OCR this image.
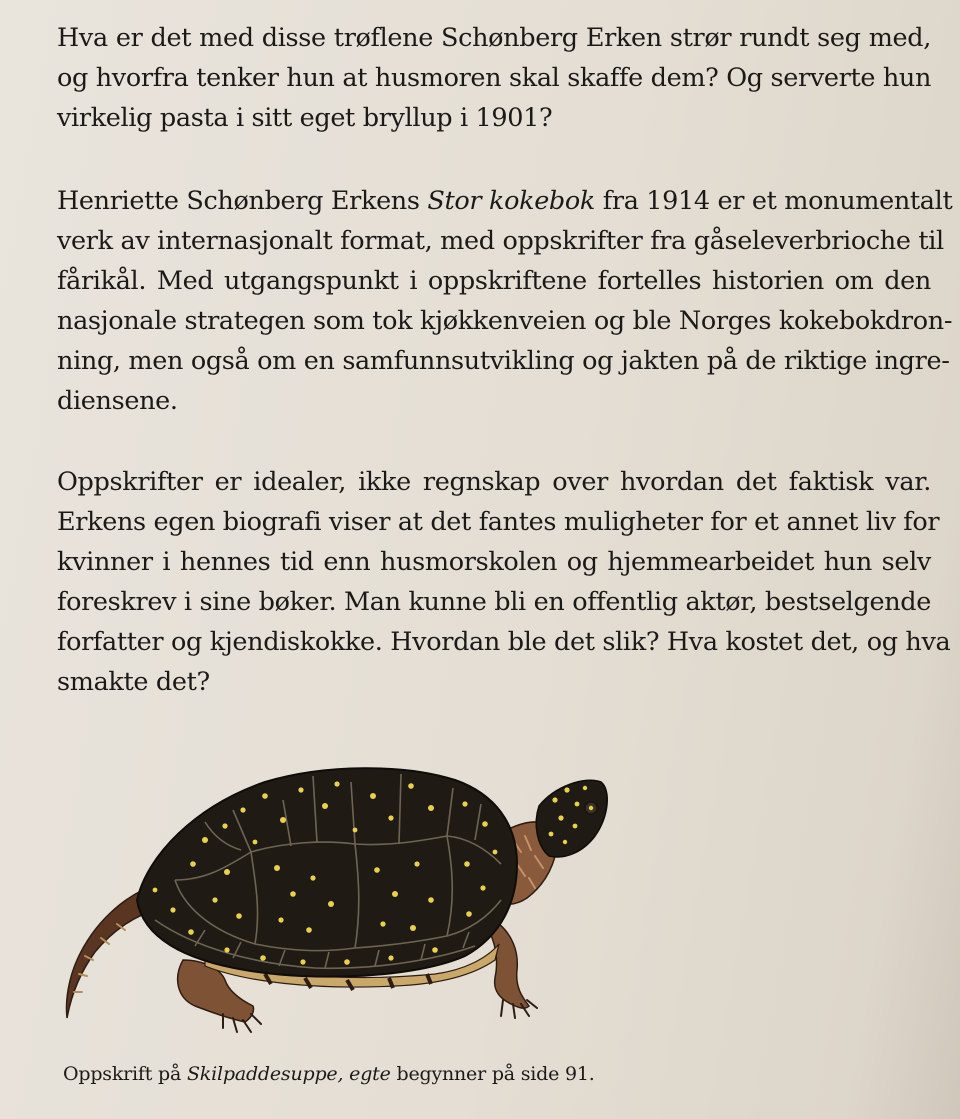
Hva er det med disse trøflene Schønberg Erken strør rundt seg med,
og hvorfra tenker hun at husmoren skal skaffe dem? Og serverte hun
virkelig pasta i sitt eget bryllup i 1901?

Henriette Schønberg Erkens Stor kokebok fra 1914 er et monumentalt
verk av internasjonalt format, med oppskrifter fra gåseleverbrioche til
fårikål. Med utgangspunkt i oppskriftene fortelles historien om den
nasjonale strategen som tok kjøkkenveien og ble Norges kokebokdron-
ning, men også om en samfunnsutvikling og jakten på de riktige ingre-
diensene.

Oppskrifter er idealer, ikke regnskap over hvordan det faktisk var.
Erkens egen biografi viser at det fantes muligheter for et annet liv for
kvinner i hennes tid enn husmorskolen og hjemmearbeidet hun selv
foreskrev i sine bøker. Man kunne bli en offentlig aktør, bestselgende
forfatter og kjendiskokke. Hvordan ble det slik? Hva kostet det, og hva
smakte det?

Oppskrift på Skilpaddesuppe, egte begynner på side 91.
